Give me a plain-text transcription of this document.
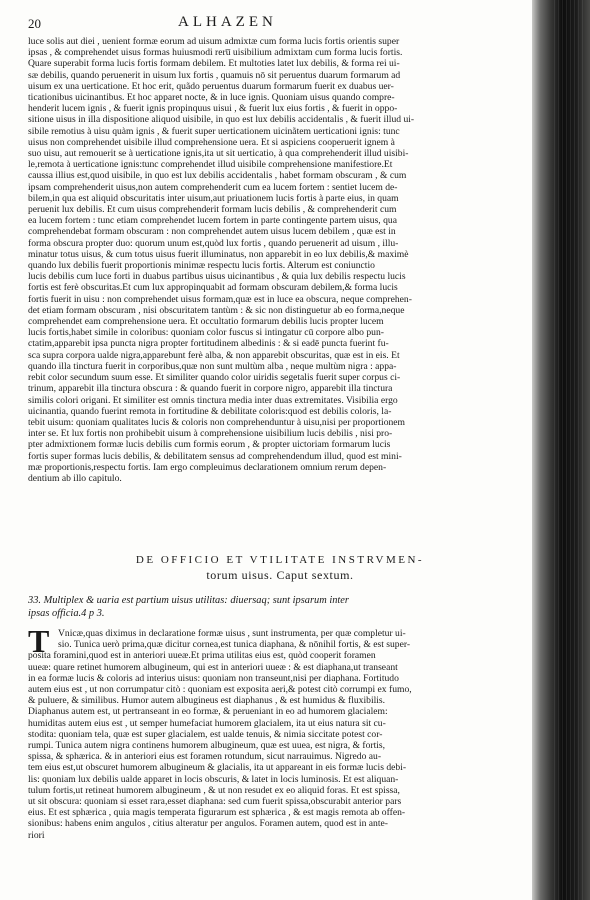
20	ALHAZEN
luce solis aut diei , uenient formæ eorum ad uisum admixtæ cum forma lucis fortis orientis super
ipsas , & comprehendet uisus formas huiusmodi reru̅ uisibilium admixtam cum forma lucis fortis.
Quare superabit forma lucis fortis formam debilem. Et multoties latet lux debilis, & forma rei ui-
sæ debilis, quando peruenerit in uisum lux fortis , quamuis nō sit peruentus duarum formarum ad
uisum ex una uerticatione. Et hoc erit, quãdo peruentus duarum formarum fuerit ex duabus uer-
ticationibus uicinantibus. Et hoc apparet nocte, & in luce ignis. Quoniam uisus quando compre-
henderit lucem ignis , & fuerit ignis propinquus uisui , & fuerit lux eius fortis , & fuerit in oppo-
sitione uisus in illa dispositione aliquod uisibile, in quo est lux debilis accidentalis , & fuerit illud ui-
sibile remotius à uisu quàm ignis , & fuerit super uerticationem uicinãtem uerticationi ignis: tunc
uisus non comprehendet uisibile illud comprehensione uera. Et si aspiciens cooperuerit ignem à
suo uisu, aut remouerit se à uerticatione ignis,ita ut sit uerticatio, à qua comprehenderit illud uisibi-
le,remota à uerticatione ignis:tunc comprehendet illud uisibile comprehensione manifestiore.Et
caussa illius est,quod uisibile, in quo est lux debilis accidentalis , habet formam obscuram , & cum
ipsam comprehenderit uisus,non autem comprehenderit cum ea lucem fortem : sentiet lucem de-
bilem,in qua est aliquid obscuritatis inter uisum,aut priuationem lucis fortis à parte eius, in quam
peruenit lux debilis. Et cum uisus comprehenderit formam lucis debilis , & comprehenderit cum
ea lucem fortem : tunc etiam comprehendet lucem fortem in parte contingente partem uisus, qua
comprehendebat formam obscuram : non comprehendet autem uisus lucem debilem , quæ est in
forma obscura propter duo: quorum unum est,quòd lux fortis , quando peruenerit ad uisum , illu-
minatur totus uisus, & cum totus uisus fuerit illuminatus, non apparebit in eo lux debilis,& maximè
quando lux debilis fuerit proportionis minimæ respectu lucis fortis. Alterum est coniunctio
lucis debilis cum luce forti in duabus partibus uisus uicinantibus , & quia lux debilis respectu lucis
fortis est ferè obscuritas.Et cum lux appropinquabit ad formam obscuram debilem,& forma lucis
fortis fuerit in uisu : non comprehendet uisus formam,quæ est in luce ea obscura, neque comprehen-
det etiam formam obscuram , nisi obscuritatem tantùm : & sic non distinguetur ab eo forma,neque
comprehendet eam comprehensione uera. Et occultatio formarum debilis lucis propter lucem
lucis fortis,habet simile in coloribus: quoniam color fuscus si intingatur cū corpore albo pun-
ctatim,apparebit ipsa puncta nigra propter fortitudinem albedinis : & si eadē puncta fuerint fu-
sca supra corpora ualde nigra,apparebunt ferè alba, & non apparebit obscuritas, quæ est in eis. Et
quando illa tinctura fuerit in corporibus,quæ non sunt multùm alba , neque multùm nigra : appa-
rebit color secundum suum esse. Et similiter quando color uiridis segetalis fuerit super corpus ci-
trinum, apparebit illa tinctura obscura : & quando fuerit in corpore nigro, apparebit illa tinctura
similis colori origani. Et similiter est omnis tinctura media inter duas extremitates. Visibilia ergo
uicinantia, quando fuerint remota in fortitudine & debilitate coloris:quod est debilis coloris, la-
tebit uisum: quoniam qualitates lucis & coloris non comprehenduntur à uisu,nisi per proportionem
inter se. Et lux fortis non prohibebit uisum à comprehensione uisibilium lucis debilis , nisi pro-
pter admixtionem formæ lucis debilis cum formis eorum , & propter uictoriam formarum lucis
fortis super formas lucis debilis, & debilitatem sensus ad comprehendendum illud, quod est mini-
mæ proportionis,respectu fortis. Iam ergo compleuimus declarationem omnium rerum depen-
dentium ab illo capitulo.
DE OFFICIO ET VTILITATE INSTRVMEN-
torum uisus. Caput sextum.
33. Multiplex & uaria est partium uisus utilitas: diuersaq; sunt ipsarum inter
ipsas officia.4 p 3.
T Vnicæ,quas diximus in declaratione formæ uisus , sunt instrumenta, per quæ completur ui-
sio. Tunica uerò prima,quæ dicitur cornea,est tunica diaphana, & nōnihil fortis, & est super-
posita foramini,quod est in anteriori uueæ.Et prima utilitas eius est, quòd cooperit foramen
uueæ: quare retinet humorem albugineum, qui est in anteriori uueæ : & est diaphana,ut transeant
in ea formæ lucis & coloris ad interius uisus: quoniam non transeunt,nisi per diaphana. Fortitudo
autem eius est , ut non corrumpatur citò : quoniam est exposita aeri,& potest citò corrumpi ex fumo,
& puluere, & similibus. Humor autem albugineus est diaphanus , & est humidus & fluxibilis.
Diaphanus autem est, ut pertranseant in eo formæ, & perueniant in eo ad humorem glacialem:
humiditas autem eius est , ut semper humefaciat humorem glacialem, ita ut eius natura sit cu-
stodita: quoniam tela, quæ est super glacialem, est ualde tenuis, & nimia siccitate potest cor-
rumpi. Tunica autem nigra continens humorem albugineum, quæ est uuea, est nigra, & fortis,
spissa, & sphærica. & in anteriori eius est foramen rotundum, sicut narrauimus. Nigredo au-
tem eius est,ut obscuret humorem albugineum & glacialis, ita ut appareant in eis formæ lucis debi-
lis: quoniam lux debilis ualde apparet in locis obscuris, & latet in locis luminosis. Et est aliquan-
tulum fortis,ut retineat humorem albugineum , & ut non resudet ex eo aliquid foras. Et est spissa,
ut sit obscura: quoniam si esset rara,esset diaphana: sed cum fuerit spissa,obscurabit anterior pars
eius. Et est sphærica , quia magis temperata figurarum est sphærica , & est magis remota ab offen-
sionibus: habens enim angulos , citius alteratur per angulos. Foramen autem, quod est in ante-
riori
